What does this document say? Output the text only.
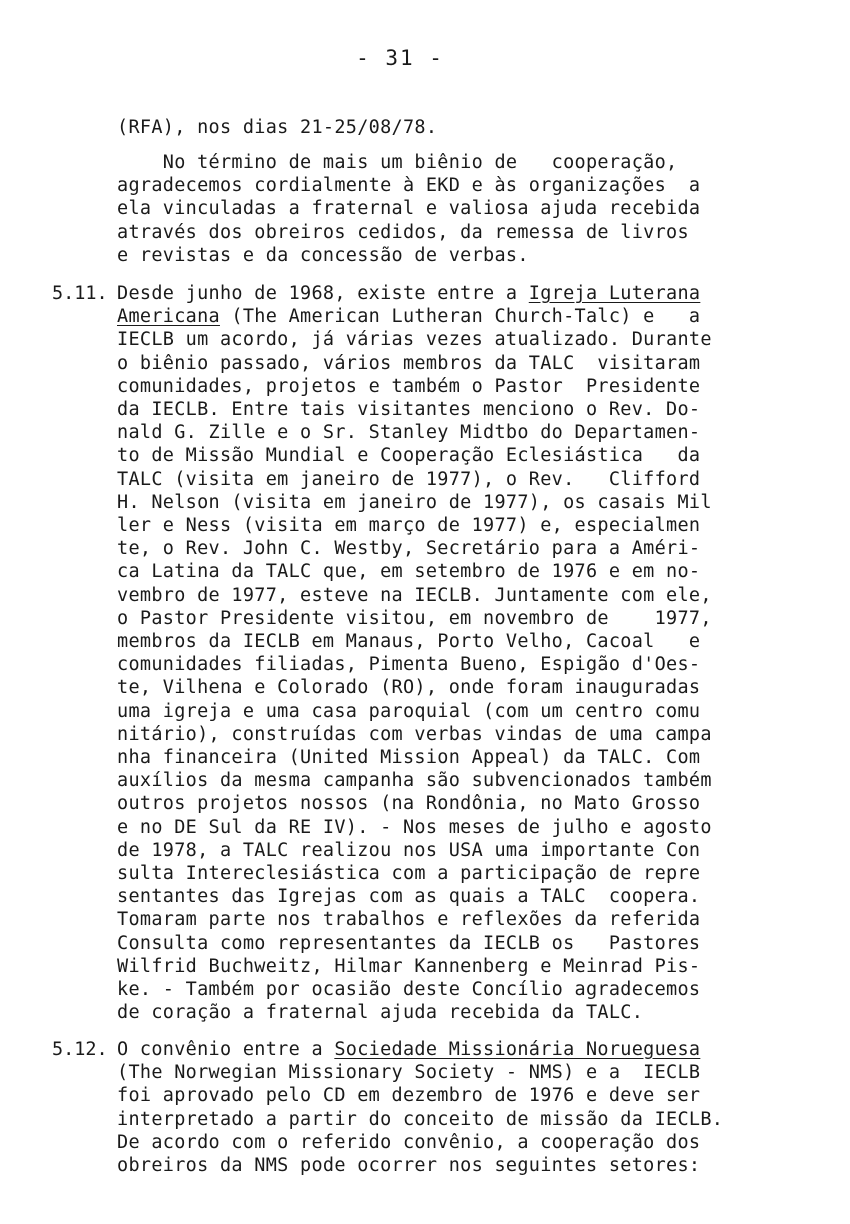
- 31 -
(RFA), nos dias 21-25/08/78.
No término de mais um biênio de   cooperação,
agradecemos cordialmente à EKD e às organizações  a
ela vinculadas a fraternal e valiosa ajuda recebida
através dos obreiros cedidos, da remessa de livros
e revistas e da concessão de verbas.
5.11. Desde junho de 1968, existe entre a Igreja Luterana
Americana (The American Lutheran Church-Talc) e   a
IECLB um acordo, já várias vezes atualizado. Durante
o biênio passado, vários membros da TALC  visitaram
comunidades, projetos e também o Pastor  Presidente
da IECLB. Entre tais visitantes menciono o Rev. Do-
nald G. Zille e o Sr. Stanley Midtbo do Departamen-
to de Missão Mundial e Cooperação Eclesiástica   da
TALC (visita em janeiro de 1977), o Rev.   Clifford
H. Nelson (visita em janeiro de 1977), os casais Mil
ler e Ness (visita em março de 1977) e, especialmen
te, o Rev. John C. Westby, Secretário para a Améri-
ca Latina da TALC que, em setembro de 1976 e em no-
vembro de 1977, esteve na IECLB. Juntamente com ele,
o Pastor Presidente visitou, em novembro de    1977,
membros da IECLB em Manaus, Porto Velho, Cacoal   e
comunidades filiadas, Pimenta Bueno, Espigão d'Oes-
te, Vilhena e Colorado (RO), onde foram inauguradas
uma igreja e uma casa paroquial (com um centro comu
nitário), construídas com verbas vindas de uma campa
nha financeira (United Mission Appeal) da TALC. Com
auxílios da mesma campanha são subvencionados também
outros projetos nossos (na Rondônia, no Mato Grosso
e no DE Sul da RE IV). - Nos meses de julho e agosto
de 1978, a TALC realizou nos USA uma importante Con
sulta Intereclesiástica com a participação de repre
sentantes das Igrejas com as quais a TALC  coopera.
Tomaram parte nos trabalhos e reflexões da referida
Consulta como representantes da IECLB os   Pastores
Wilfrid Buchweitz, Hilmar Kannenberg e Meinrad Pis-
ke. - Também por ocasião deste Concílio agradecemos
de coração a fraternal ajuda recebida da TALC.
5.12. O convênio entre a Sociedade Missionária Norueguesa
(The Norwegian Missionary Society - NMS) e a  IECLB
foi aprovado pelo CD em dezembro de 1976 e deve ser
interpretado a partir do conceito de missão da IECLB.
De acordo com o referido convênio, a cooperação dos
obreiros da NMS pode ocorrer nos seguintes setores:
